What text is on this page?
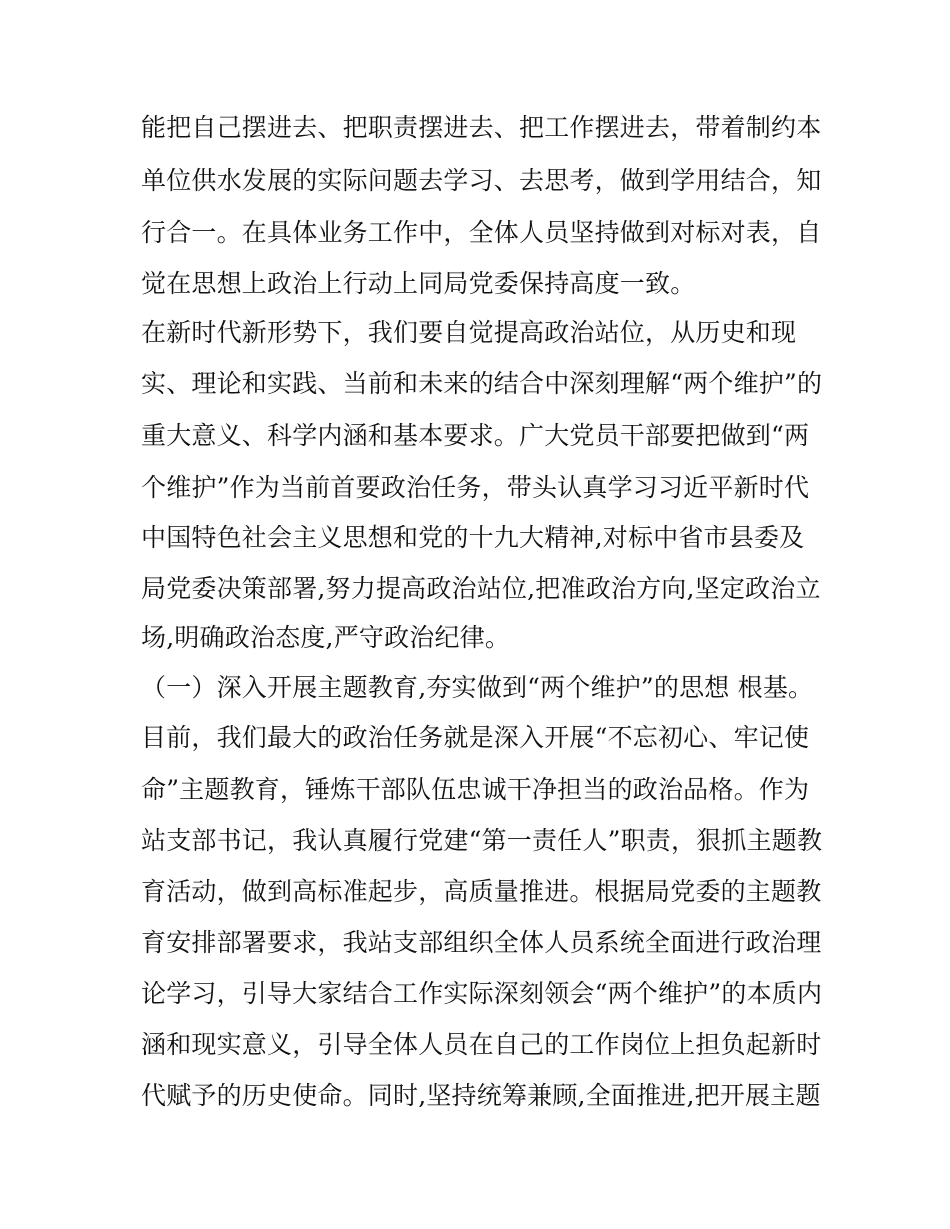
能把自己摆进去、把职责摆进去、把工作摆进去，带着制约本
单位供水发展的实际问题去学习、去思考，做到学用结合，知
行合一。在具体业务工作中，全体人员坚持做到对标对表，自
觉在思想上政治上行动上同局党委保持高度一致。
在新时代新形势下，我们要自觉提高政治站位，从历史和现
实、理论和实践、当前和未来的结合中深刻理解“两个维护”的
重大意义、科学内涵和基本要求。广大党员干部要把做到“两
个维护”作为当前首要政治任务，带头认真学习习近平新时代
中国特色社会主义思想和党的十九大精神,对标中省市县委及
局党委决策部署,努力提高政治站位,把准政治方向,坚定政治立
场,明确政治态度,严守政治纪律。
（一）深入开展主题教育,夯实做到“两个维护”的思想 根基。
目前，我们最大的政治任务就是深入开展“不忘初心、牢记使
命”主题教育，锤炼干部队伍忠诚干净担当的政治品格。作为
站支部书记，我认真履行党建“第一责任人”职责，狠抓主题教
育活动，做到高标准起步，高质量推进。根据局党委的主题教
育安排部署要求，我站支部组织全体人员系统全面进行政治理
论学习，引导大家结合工作实际深刻领会“两个维护”的本质内
涵和现实意义，引导全体人员在自己的工作岗位上担负起新时
代赋予的历史使命。同时,坚持统筹兼顾,全面推进,把开展主题
